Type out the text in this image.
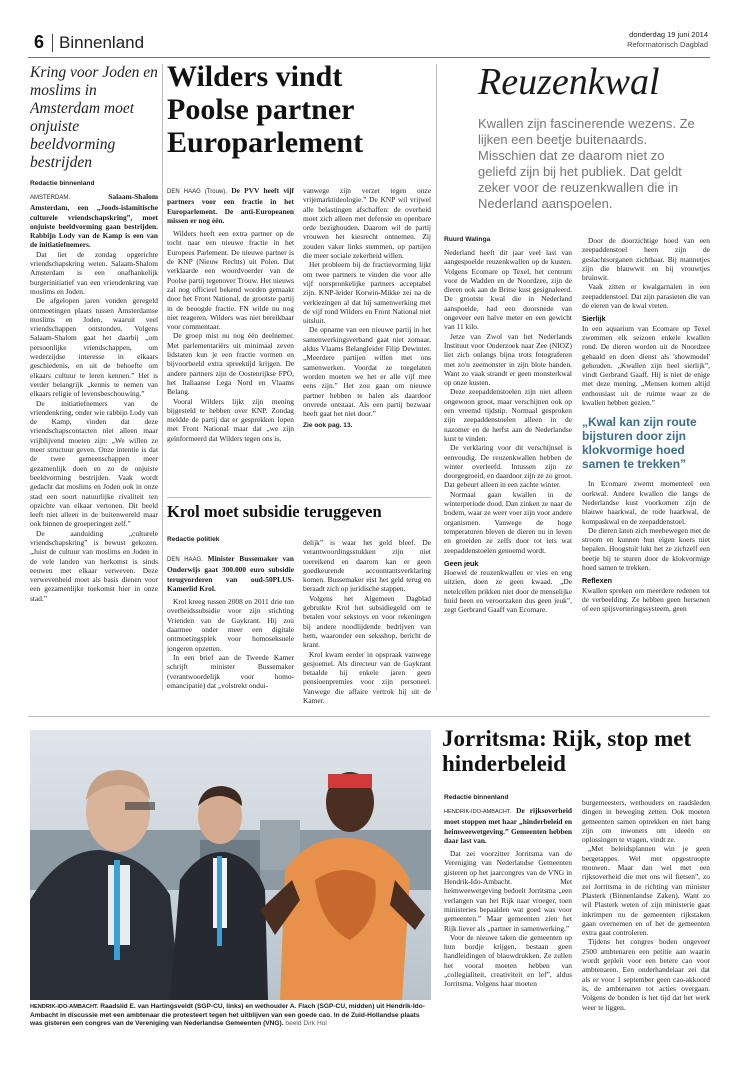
6 Binnenland	donderdag 19 juni 2014
Reformatorisch Dagblad
Kring voor Joden en moslims in Amsterdam moet onjuiste beeldvorming bestrijden
Redactie binnenland

AMSTERDAM.	Salaam-Shalom Amsterdam, een „Joods-islamitische culturele vriendschapskring”, moet onjuiste beeldvorming gaan bestrijden. Rabbijn Lody van de Kamp is een van de initiatiefnemers.

Dat liet de zondag opgerichte vriendschapskring weten. Salaam-Shalom Amsterdam is een onafhankelijk burgerinitiatief van een vriendenkring van moslims en Joden.

De afgelopen jaren vonden geregeld ontmoetingen plaats tussen Amsterdamse moslims en Joden, waaruit veel vriendschappen ontstonden. Volgens Salaam-Shalom gaat het daarbij „om persoonlijke vriendschappen, om wederzijdse interesse in elkaars geschiedenis, en uit de behoefte om elkaars cultuur te leren kennen.” Het is verder belangrijk „kennis te nemen van elkaars religie of levensbeschouwing.”

De initiatiefnemers van de vriendenkring, onder wie rabbijn Lody van de Kamp, vinden dat deze vriendschapscontacten niet alleen maar vrijblijvend moeten zijn: „We willen ze meer structuur geven. Onze intentie is dat de twee gemeenschappen meer gezamenlijk doen en zo de onjuiste beeldvorming bestrijden. Vaak wordt gedacht dat moslims en Joden ook in onze stad een soort natuurlijke rivaliteit ten opzichte van elkaar vertonen. Dit beeld leeft niet alleen in de buitenwereld maar ook binnen de groeperingen zelf.”

De aanduiding „culturele vriendschapskring” is bewust gekozen. „Juist de cultuur van moslims en Joden in de vele landen van herkomst is sinds eeuwen met elkaar verweven. Deze verwevenheid moet als basis dienen voor een gezamenlijke toekomst hier in onze stad.”

Wilders vindt Poolse partner Europarlement

DEN HAAG (Trouw). De PVV heeft vijf partners voor een fractie in het Europarlement. De anti-Europeanen missen er nog één.

Wilders heeft een extra partner op de tocht naar een nieuwe fractie in het Europees Parlement. De nieuwe partner is de KNP (Nieuw Rechts) uit Polen. Dat verklaarde een woordvoerder van de Poolse partij tegenover Trouw. Het nieuws zal nog officieel bekend worden gemaakt door het Front National, de grootste partij in de beoogde fractie. FN wilde nu nog niet reageren. Wilders was niet bereikbaar voor commentaar.

De groep mist nu nog één deelnemer. Met parlementariërs uit minimaal zeven lidstaten kun je een fractie vormen en bijvoorbeeld extra spreektijd krijgen. De andere partners zijn de Oostenrijkse FPÖ, het Italiaanse Lega Nord en Vlaams Belang.

Vooral Wilders lijkt zijn mening bijgesteld te hebben over KNP. Zondag meldde de partij dat er gesprekken lopen met Front National maar dat „we zijn geïnformeerd dat Wilders tegen ons is,

vanwege zijn verzet tegen onze vrijemarktideologie.” De KNP wil vrijwel alle belastingen afschaffen: de overheid moet zich alleen met defensie en openbare orde bezighouden. Daarom wil de partij vrouwen het kiesrecht ontnemen. Zij zouden vaker links stemmen, op partijen die meer sociale zekerheid willen.

Het probleem bij de fractievorming lijkt om twee partners te vinden die voor alle vijf oorspronkelijke partners acceptabel zijn. KNP-leider Korwin-Mikke zei na de verkiezingen al dat hij samenwerking met de vijf rond Wilders en Front National niet uitsluit.

De opname van een nieuwe partij in het samenwerkingsverband gaat niet zomaar, aldus Vlaams Belangleider Filip Dewinter. „Meerdere partijen willen met ons samenwerken. Voordat ze toegelaten worden moeten we het er alle vijf mee eens zijn.” Het zou gaan om nieuwe partner hebben te halen als daardoor onvrede ontstaat. Als een partij bezwaar heeft gaat het niet door.”

Zie ook pag. 13.

Krol moet subsidie teruggeven
Redactie politiek

DEN HAAG. Minister Bussemaker van Onderwijs gaat 300.000 euro subsidie terugvorderen van oud-50PLUS-Kamerlid Krol.

Krol kreeg tussen 2008 en 2011 drie ton overheidssubsidie voor zijn stichting Vrienden van de Gaykrant. Hij zou daarmee onder meer een digitale ontmoetingsplek voor homoseksuele jongeren opzetten.

In een brief aan de Tweede Kamer schrijft minister Bussemaker (verantwoordelijk voor homo-emancipatie) dat „volstrekt ondui-

delijk” is waar het geld bleef. De verantwoordingsstukken zijn niet toereikend en daarom kan er geen goedkeurende accountantsverklaring komen. Bussemaker eist het geld terug en beraadt zich op juridische stappen.

Volgens het Algemeen Dagblad gebruikte Krol het subsidiegeld om te betalen voor sekstoys en voor rekeningen bij andere noodlijdende bedrijven van hem, waaronder een seksshop, bericht de krant.

Krol kwam eerder in opspraak vanwege gesjoemel. Als directeur van de Gaykrant betaalde hij enkele jaren geen pensioenpremies voor zijn personeel. Vanwege die affaire vertrok hij uit de Kamer.

Reuzenkwal
Kwallen zijn fascinerende wezens. Ze lijken een beetje buitenaards. Misschien dat ze daarom niet zo geliefd zijn bij het publiek. Dat geldt zeker voor de reuzenkwallen die in Nederland aanspoelen.
Ruurd Walinga

Nederland heeft dit jaar veel last van aangespoelde reuzenkwallen op de kusten. Volgens Ecomare op Texel, het centrum voor de Wadden en de Noordzee, zijn de dieren ook aan de Britse kust gesignaleerd. De grootste kwal die in Nederland aanspoelde, had een doorsnede van ongeveer een halve meter en een gewicht van 11 kilo.

Jetze van Zwol van het Nederlands Instituut voor Onderzoek naar Zee (NIOZ) liet zich onlangs bijna trots fotograferen met zo'n zeemonster in zijn blote handen. Want zo vaak strandt er geen monsterkwal op onze kusten.

Deze zeepaddenstoelen zijn niet alleen ongewoon groot, maar verschijnen ook op een vreemd tijdstip. Normaal gesproken zijn zeepaddenstoelen alleen in de nazomer en de herfst aan de Nederlandse kust te vinden.

De verklaring voor dit verschijnsel is eenvoudig. De reuzenkwallen hebben de winter overleefd. Intussen zijn ze doorgegroeid, en daardoor zijn ze zo groot. Dat gebeurt alleen in een zachte winter.

Normaal gaan kwallen in de winterperiode dood. Dan zinken ze naar de bodem, waar ze weer voer zijn voor andere organismen. Vanwege de hoge temperaturen bleven de dieren nu in leven en groeiden ze zelfs door tot iets wat zeepaddenstoelen genoemd wordt.

Geen jeuk

Hoewel de reuzenkwallen er vies en eng uitzien, doen ze geen kwaad. „De netelcellen prikken niet door de menselijke huid heen en veroorzaken dus geen jeuk”, zegt Gerbrand Gaaff van Ecomare.

Door de doorzichtige hoed van een zeepaddenstoel heen zijn de geslachtsorganen zichtbaar. Bij mannetjes zijn die blauwwit en bij vrouwtjes bruinwit.

Vaak zitten er kwalgarnalen in een zeepaddenstoel. Dat zijn parasieten die van de eieren van de kwal vreten.

Sierlijk

In een aquarium van Ecomare op Texel zwemmen elk seizoen enkele kwallen rond. De dieren worden uit de Noordzee gehaald en doen dienst als 'showmodel' gehouden. „Kwallen zijn heel sierlijk”, vindt Gerbrand Gaaff. Hij is niet de enige met deze mening. „Mensen komen altijd enthousiast uit de ruimte waar ze de kwallen hebben gezien.”

„Kwal kan zijn route bijsturen door zijn klokvormige hoed samen te trekken”

In Ecomare zwemt momenteel een oorkwal. Andere kwallen die langs de Nederlandse kust voorkomen zijn de blauwe haarkwal, de rode haarkwal, de kompaskwal en de zeepaddenstoel.

De dieren laten zich meebewegen met de stroom en kunnen hun eigen koers niet bepalen. Hoogstuit lukt het ze zichzelf een beetje bij te sturen door de klokvormige hoed samen te trekken.

Reflexen

Kwallen spreken om meerdere redenen tot de verbeelding. Ze hebben geen hersenen of een spijsverteringssysteem, geen

HENDRIK-IDO-AMBACHT. Raadslid E. van Hartingsveldt (SGP-CU, links) en wethouder A. Flach (SGP-CU, midden) uit Hendrik-Ido-Ambacht in discussie met een ambtenaar die protesteert tegen het uitblijven van een goede cao. In de Zuid-Hollandse plaats was gisteren een congres van de Vereniging van Nederlandse Gemeenten (VNG). beeld Dirk Hol

Jorritsma: Rijk, stop met hinderbeleid
Redactie binnenland

HENDRIK-IDO-AMBACHT. De rijksoverheid moet stoppen met haar „hinderbeleid en heimweewetgeving.” Gemeenten hebben daar last van.

Dat zei voorzitter Jorritsma van de Vereniging van Nederlandse Gemeenten gisteren op het jaarcongres van de VNG in Hendrik-Ido-Ambacht. Met heimweewetgeving bedoelt Jorritsma „een verlangen van het Rijk naar vroeger, toen ministeries bepaalden wat goed was voor gemeenten.” Maar gemeenten zien het Rijk liever als „partner in samenwerking.”

Voor de nieuwe taken die gemeenten op hun bordje krijgen, bestaan geen handleidingen of blauwdrukken. Ze zullen het vooral moeten hebben van „collegialiteit, creativiteit en lef”, aldus Jorritsma. Volgens haar moeten

burgemeesters, wethouders en raadsleden dingen in beweging zetten. Ook moeten gemeenten samen optrekken en niet bang zijn om inwoners om ideeën en oplossingen te vragen, vindt ze.

„Met beleidsplannen win je geen bergetappes. Wel met opgestroopte mouwen. Maar dan wel met een rijksoverheid die met ons wil fietsen”, zo zei Jorritsma in de richting van minister Plasterk (Binnenlandse Zaken). Want zo wil Plasterk weten of zijn ministerie gaat inkrimpen nu de gemeenten rijkstaken gaan overnemen en of het de gemeenten extra gaat controleren.

Tijdens het congres boden ongeveer 2500 ambtenaren een petitie aan waarin wordt gepleit voor een betere cao voor ambtenaren. Een onderhandelaar zei dat als er voor 1 september geen cao-akkoord is, de ambtenaren tot acties overgaan. Volgens de bonden is het tijd dat het werk weer te liggen.
